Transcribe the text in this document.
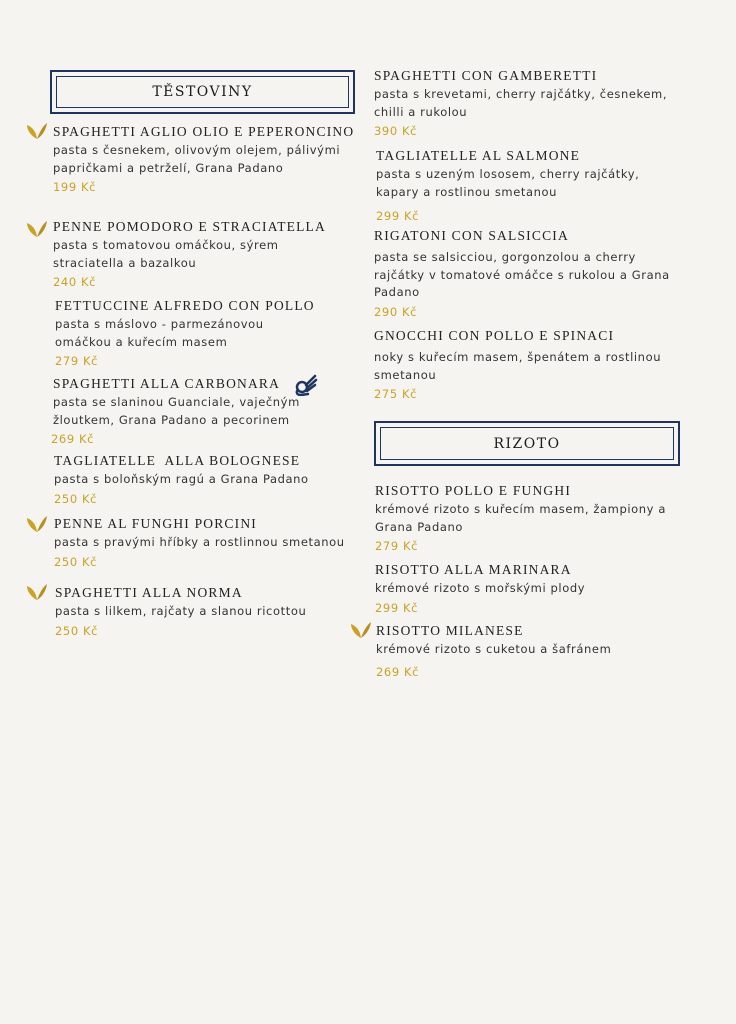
TĚSTOVINY
RIZOTO
SPAGHETTI AGLIO OLIO E PEPERONCINO
pasta s česnekem, olivovým olejem, pálivými papričkami a petrželí, Grana Padano
199 Kč
PENNE POMODORO E STRACIATELLA
pasta s tomatovou omáčkou, sýrem straciatella a bazalkou
240 Kč
FETTUCCINE ALFREDO CON POLLO
pasta s máslovo - parmezánovou omáčkou a kuřecím masem
279 Kč
SPAGHETTI ALLA CARBONARA
pasta se slaninou Guanciale, vaječným žloutkem, Grana Padano a pecorinem
269 Kč
TAGLIATELLE  ALLA BOLOGNESE
pasta s boloňským ragú a Grana Padano
250 Kč
PENNE AL FUNGHI PORCINI
pasta s pravými hříbky a rostlinnou smetanou
250 Kč
SPAGHETTI ALLA NORMA
pasta s lilkem, rajčaty a slanou ricottou
250 Kč
SPAGHETTI CON GAMBERETTI
pasta s krevetami, cherry rajčátky, česnekem, chilli a rukolou
390 Kč
TAGLIATELLE AL SALMONE
pasta s uzeným lososem, cherry rajčátky, kapary a rostlinou smetanou
299 Kč
RIGATONI CON SALSICCIA
pasta se salsicciou, gorgonzolou a cherry rajčátky v tomatové omáčce s rukolou a Grana Padano
290 Kč
GNOCCHI CON POLLO E SPINACI
noky s kuřecím masem, špenátem a rostlinou smetanou
275 Kč
RISOTTO POLLO E FUNGHI
krémové rizoto s kuřecím masem, žampiony a Grana Padano
279 Kč
RISOTTO ALLA MARINARA
krémové rizoto s mořskými plody
299 Kč
RISOTTO MILANESE
krémové rizoto s cuketou a šafránem
269 Kč
